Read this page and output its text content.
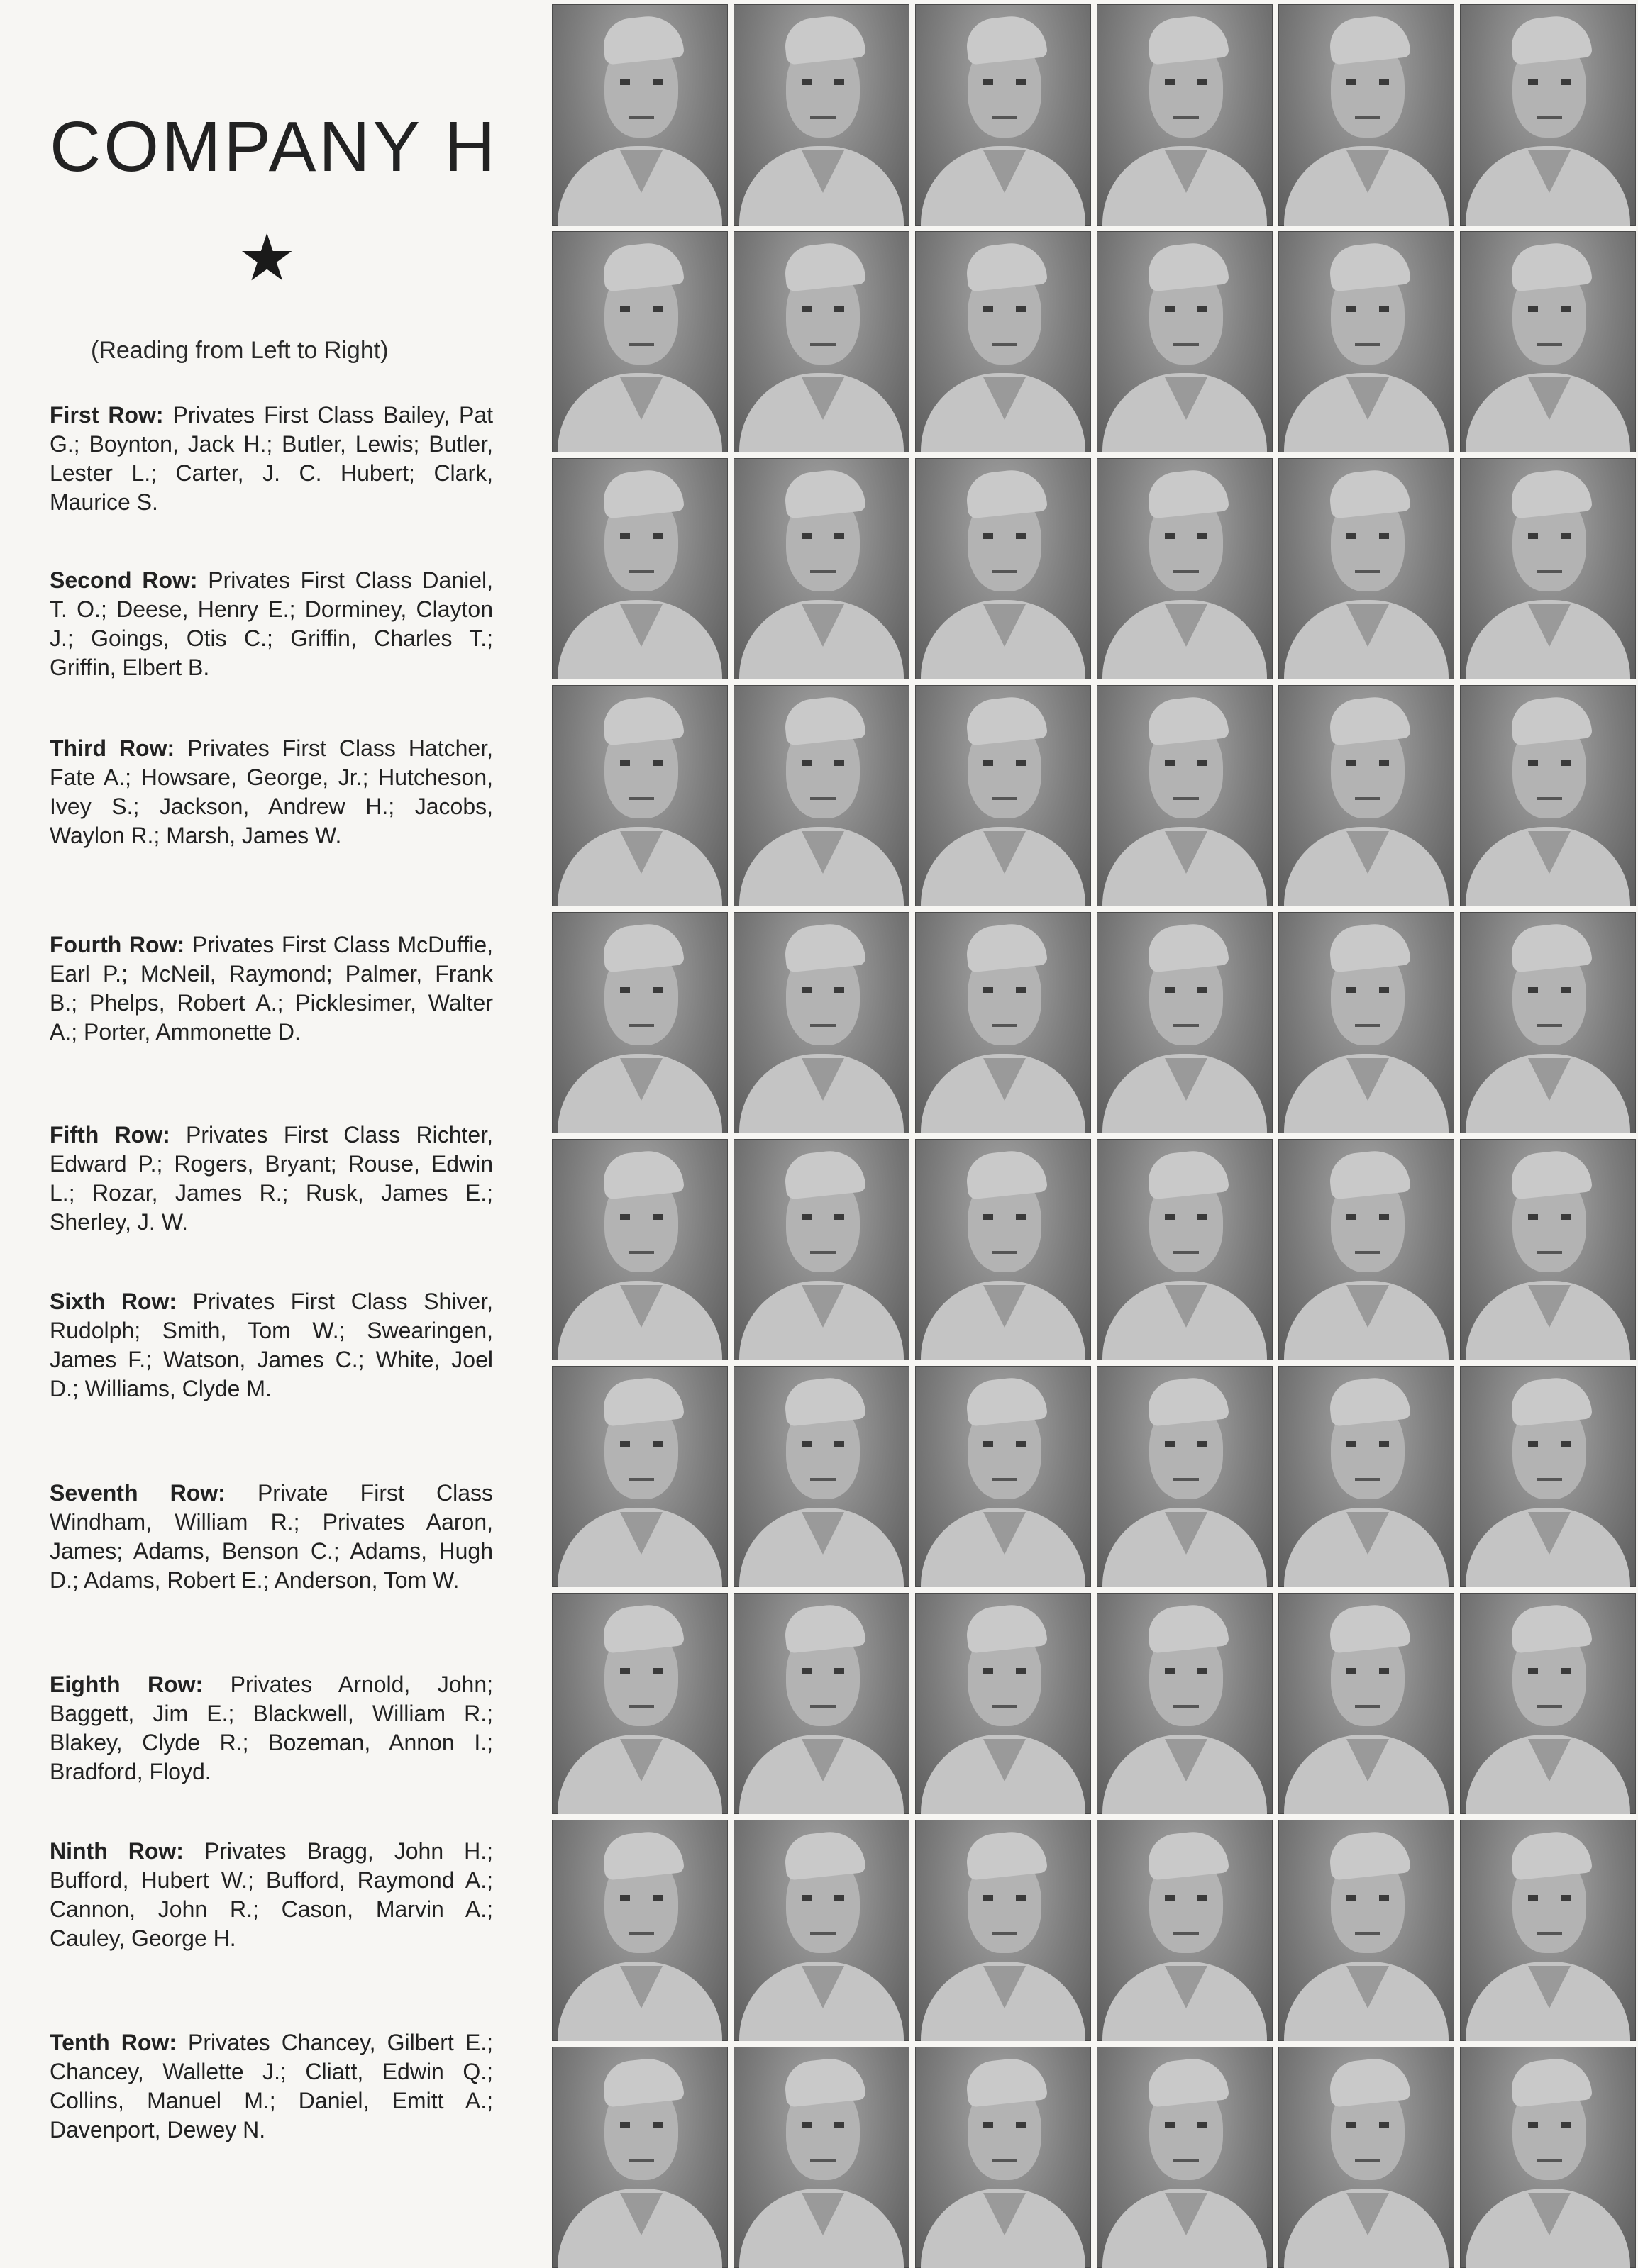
COMPANY H
★
(Reading from Left to Right)
First Row: Privates First Class Bailey, Pat G.; Boynton, Jack H.; Butler, Lewis; Butler, Lester L.; Carter, J. C. Hubert; Clark, Maurice S.
Second Row: Privates First Class Daniel, T. O.; Deese, Henry E.; Dorminey, Clayton J.; Goings, Otis C.; Griffin, Charles T.; Griffin, Elbert B.
Third Row: Privates First Class Hatcher, Fate A.; Howsare, George, Jr.; Hutcheson, Ivey S.; Jackson, Andrew H.; Jacobs, Waylon R.; Marsh, James W.
Fourth Row: Privates First Class McDuffie, Earl P.; McNeil, Raymond; Palmer, Frank B.; Phelps, Robert A.; Picklesimer, Walter A.; Porter, Ammonette D.
Fifth Row: Privates First Class Richter, Edward P.; Rogers, Bryant; Rouse, Edwin L.; Rozar, James R.; Rusk, James E.; Sherley, J. W.
Sixth Row: Privates First Class Shiver, Rudolph; Smith, Tom W.; Swearingen, James F.; Watson, James C.; White, Joel D.; Williams, Clyde M.
Seventh Row: Private First Class Windham, William R.; Privates Aaron, James; Adams, Benson C.; Adams, Hugh D.; Adams, Robert E.; Anderson, Tom W.
Eighth Row: Privates Arnold, John; Baggett, Jim E.; Blackwell, William R.; Blakey, Clyde R.; Bozeman, Annon I.; Bradford, Floyd.
Ninth Row: Privates Bragg, John H.; Bufford, Hubert W.; Bufford, Raymond A.; Cannon, John R.; Cason, Marvin A.; Cauley, George H.
Tenth Row: Privates Chancey, Gilbert E.; Chancey, Wallette J.; Cliatt, Edwin Q.; Collins, Manuel M.; Daniel, Emitt A.; Davenport, Dewey N.
